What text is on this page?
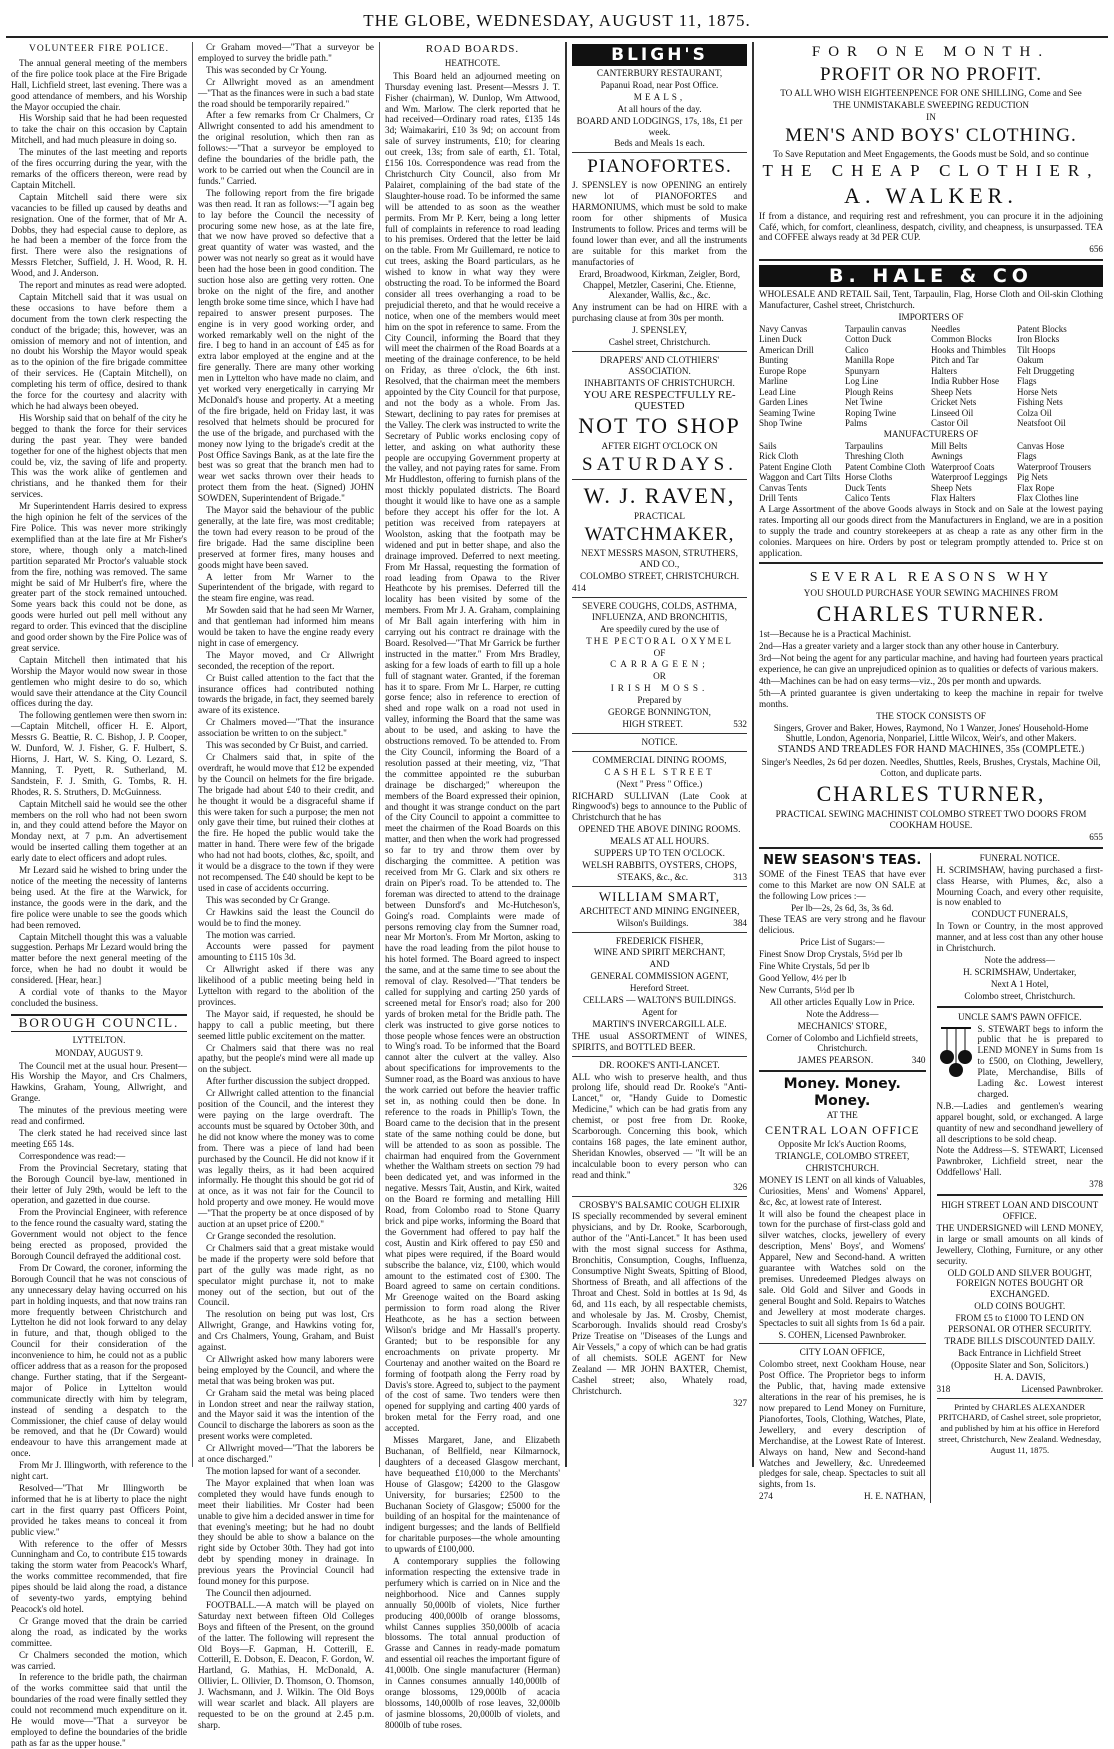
THE GLOBE, WEDNESDAY, AUGUST 11, 1875.
VOLUNTEER FIRE POLICE.

The annual general meeting of the members of the fire police took place at the Fire Brigade Hall, Lichfield street, last evening. There was a good attendance of members, and his Worship the Mayor occupied the chair.

His Worship said that he had been requested to take the chair on this occasion by Captain Mitchell, and had much pleasure in doing so.

The minutes of the last meeting and reports of the fires occurring during the year, with the remarks of the officers thereon, were read by Captain Mitchell.

Captain Mitchell said there were six vacancies to be filled up caused by deaths and resignation. One of the former, that of Mr A. Dobbs, they had especial cause to deplore, as he had been a member of the force from the first. There were also the resignations of Messrs Fletcher, Suffield, J. H. Wood, R. H. Wood, and J. Anderson.

The report and minutes as read were adopted.

Captain Mitchell said that it was usual on these occasions to have before them a document from the town clerk respecting the conduct of the brigade; this, however, was an omission of memory and not of intention, and no doubt his Worship the Mayor would speak as to the opinion of the fire brigade committee of their services. He (Captain Mitchell), on completing his term of office, desired to thank the force for the courtesy and alacrity with which he had always been obeyed.

His Worship said that on behalf of the city he begged to thank the force for their services during the past year. They were banded together for one of the highest objects that men could be, viz, the saving of life and property. This was the work alike of gentlemen and christians, and he thanked them for their services.

Mr Superintendent Harris desired to express the high opinion he felt of the services of the Fire Police. This was never more strikingly exemplified than at the late fire at Mr Fisher's store, where, though only a match-lined partition separated Mr Proctor's valuable stock from the fire, nothing was removed. The same might be said of Mr Hulbert's fire, where the greater part of the stock remained untouched. Some years back this could not be done, as goods were hurled out pell mell without any regard to order. This evinced that the discipline and good order shown by the Fire Police was of great service.

Captain Mitchell then intimated that his Worship the Mayor would now swear in those gentlemen who might desire to do so, which would save their attendance at the City Council offices during the day.

The following gentlemen were then sworn in:—Captain Mitchell, officer H. E. Alport, Messrs G. Beattie, R. C. Bishop, J. P. Cooper, W. Dunford, W. J. Fisher, G. F. Hulbert, S. Hiorns, J. Hart, W. S. King, O. Lezard, S. Manning, T. Pyett, R. Sutherland, M. Sandstein, F. J. Smith, G. Tombs, R. H. Rhodes, R. S. Struthers, D. McGuinness.

Captain Mitchell said he would see the other members on the roll who had not been sworn in, and they could attend before the Mayor on Monday next, at 7 p.m. An advertisement would be inserted calling them together at an early date to elect officers and adopt rules.

Mr Lezard said he wished to bring under the notice of the meeting the necessity of lanterns being used. At the fire at the Warwick, for instance, the goods were in the dark, and the fire police were unable to see the goods which had been removed.

Captain Mitchell thought this was a valuable suggestion. Perhaps Mr Lezard would bring the matter before the next general meeting of the force, when he had no doubt it would be considered. [Hear, hear.]

A cordial vote of thanks to the Mayor concluded the business.

BOROUGH COUNCIL.
LYTTELTON.
MONDAY, AUGUST 9.

The Council met at the usual hour. Present—His Worship the Mayor, and Crs Chalmers, Hawkins, Graham, Young, Allwright, and Grange.

The minutes of the previous meeting were read and confirmed.

The clerk stated he had received since last meeting £65 14s.

Correspondence was read:—

From the Provincial Secretary, stating that the Borough Council bye-law, mentioned in their letter of July 29th, would be left to the operation, and gazetted in due course.

From the Provincial Engineer, with reference to the fence round the casualty ward, stating the Government would not object to the fence being erected as proposed, provided the Borough Council defrayed the additional cost.

From Dr Coward, the coroner, informing the Borough Council that he was not conscious of any unnecessary delay having occurred on his part in holding inquests, and that now trains ran more frequently between Christchurch and Lyttelton he did not look forward to any delay in future, and that, though obliged to the Council for their consideration of the inconvenience to him, he could not as a public officer address that as a reason for the proposed change. Further stating, that if the Sergeant-major of Police in Lyttelton would communicate directly with him by telegram, instead of sending a despatch to the Commissioner, the chief cause of delay would be removed, and that he (Dr Coward) would endeavour to have this arrangement made at once.

From Mr J. Illingworth, with reference to the night cart.

Resolved—"That Mr Illingworth be informed that he is at liberty to place the night cart in the first quarry past Officers Point, provided he takes means to conceal it from public view."

With reference to the offer of Messrs Cunningham and Co, to contribute £15 towards taking the storm water from Peacock's Wharf, the works committee recommended, that fire pipes should be laid along the road, a distance of seventy-two yards, emptying behind Peacock's old hotel.

Cr Grange moved that the drain be carried along the road, as indicated by the works committee.

Cr Chalmers seconded the motion, which was carried.

In reference to the bridle path, the chairman of the works committee said that until the boundaries of the road were finally settled they could not recommend much expenditure on it. He would move—"That a surveyor be employed to define the boundaries of the bridle path as far as the upper house."

Cr Graham moved—"That a surveyor be employed to survey the bridle path."

This was seconded by Cr Young.

Cr Allwright moved as an amendment—"That as the finances were in such a bad state the road should be temporarily repaired."

After a few remarks from Cr Chalmers, Cr Allwright consented to add his amendment to the original resolution, which then ran as follows:—"That a surveyor be employed to define the boundaries of the bridle path, the work to be carried out when the Council are in funds." Carried.

The following report from the fire brigade was then read. It ran as follows:—"I again beg to lay before the Council the necessity of procuring some new hose, as at the late fire, that we now have proved so defective that a great quantity of water was wasted, and the power was not nearly so great as it would have been had the hose been in good condition. The suction hose also are getting very rotten. One broke on the night of the fire, and another length broke some time since, which I have had repaired to answer present purposes. The engine is in very good working order, and worked remarkably well on the night of the fire. I beg to hand in an account of £45 as for extra labor employed at the engine and at the fire generally. There are many other working men in Lyttelton who have made no claim, and yet worked very energetically in carrying Mr McDonald's house and property. At a meeting of the fire brigade, held on Friday last, it was resolved that helmets should be procured for the use of the brigade, and purchased with the money now lying to the brigade's credit at the Post Office Savings Bank, as at the late fire the best was so great that the branch men had to wear wet sacks thrown over their heads to protect them from the heat. (Signed) JOHN SOWDEN, Superintendent of Brigade."

The Mayor said the behaviour of the public generally, at the late fire, was most creditable; the town had every reason to be proud of the fire brigade. Had the same discipline been preserved at former fires, many houses and goods might have been saved.

A letter from Mr Warner to the Superintendent of the brigade, with regard to the steam fire engine, was read.

Mr Sowden said that he had seen Mr Warner, and that gentleman had informed him means would be taken to have the engine ready every night in case of emergency.

The Mayor moved, and Cr Allwright seconded, the reception of the report.

Cr Buist called attention to the fact that the insurance offices had contributed nothing towards the brigade, in fact, they seemed barely aware of its existence.

Cr Chalmers moved—"That the insurance association be written to on the subject."

This was seconded by Cr Buist, and carried.

Cr Chalmers said that, in spite of the overdraft, he would move that £12 be expended by the Council on helmets for the fire brigade. The brigade had about £40 to their credit, and he thought it would be a disgraceful shame if this were taken for such a purpose; the men not only gave their time, but ruined their clothes at the fire. He hoped the public would take the matter in hand. There were few of the brigade who had not had boots, clothes, &c, spoilt, and it would be a disgrace to the town if they were not recompensed. The £40 should be kept to be used in case of accidents occurring.

This was seconded by Cr Grange.

Cr Hawkins said the least the Council do would be to find the money.

The motion was carried.

Accounts were passed for payment amounting to £115 10s 3d.

Cr Allwright asked if there was any likelihood of a public meeting being held in Lyttelton with regard to the abolition of the provinces.

The Mayor said, if requested, he should be happy to call a public meeting, but there seemed little public excitement on the matter.

Cr Chalmers said that there was no real apathy, but the people's mind were all made up on the subject.

After further discussion the subject dropped.

Cr Allwright called attention to the financial position of the Council, and the interest they were paying on the large overdraft. The accounts must be squared by October 30th, and he did not know where the money was to come from. There was a piece of land had been purchased by the Council. He did not know if it was legally theirs, as it had been acquired informally. He thought this should be got rid of at once, as it was not fair for the Council to hold property and owe money. He would move—"That the property be at once disposed of by auction at an upset price of £200."

Cr Grange seconded the resolution.

Cr Chalmers said that a great mistake would be made if the property were sold before that part of the gully was made right, as no speculator might purchase it, not to make money out of the section, but out of the Council.

The resolution on being put was lost, Crs Allwright, Grange, and Hawkins voting for, and Crs Chalmers, Young, Graham, and Buist against.

Cr Allwright asked how many laborers were being employed by the Council, and where the metal that was being broken was put.

Cr Graham said the metal was being placed in London street and near the railway station, and the Mayor said it was the intention of the Council to discharge the laborers as soon as the present works were completed.

Cr Allwright moved—"That the laborers be at once discharged."

The motion lapsed for want of a seconder.

The Mayor explained that when loan was completed they would have funds enough to meet their liabilities. Mr Coster had been unable to give him a decided answer in time for that evening's meeting; but he had no doubt they should be able to show a balance on the right side by October 30th. They had got into debt by spending money in drainage. In previous years the Provincial Council had found money for this purpose.

The Council then adjourned.

FOOTBALL.—A match will be played on Saturday next between fifteen Old Colleges Boys and fifteen of the Present, on the ground of the latter. The following will represent the Old Boys—F. Gapman, H. Cotterill, E. Cotterill, E. Dobson, E. Deacon, F. Gordon, W. Hartland, G. Mathias, H. McDonald, A. Ollivier, L. Ollivier, D. Thomson, O. Thomson, J. Wachsmann, and J. Wilkin. The Old Boys will wear scarlet and black. All players are requested to be on the ground at 2.45 p.m. sharp.

ROAD BOARDS.
HEATHCOTE.

This Board held an adjourned meeting on Thursday evening last. Present—Messrs J. T. Fisher (chairman), W. Dunlop, Wm Attwood, and Wm. Marlow. The clerk reported that he had received—Ordinary road rates, £135 14s 3d; Waimakariri, £10 3s 9d; on account from sale of survey instruments, £10; for clearing out creek, 13s; from sale of earth, £1. Total, £156 10s. Correspondence was read from the Christchurch City Council, also from Mr Palairet, complaining of the bad state of the Slaughter-house road. To be informed the same will be attended to as soon as the weather permits. From Mr P. Kerr, being a long letter full of complaints in reference to road leading to his premises. Ordered that the letter be laid on the table. From Mr Guillemard, re notice to cut trees, asking the Board particulars, as he wished to know in what way they were obstructing the road. To be informed the Board consider all trees overhanging a road to be prejudicial thereto, and that he would receive a notice, when one of the members would meet him on the spot in reference to same. From the City Council, informing the Board that they will meet the chairmen of the Road Boards at a meeting of the drainage conference, to be held on Friday, as three o'clock, the 6th inst. Resolved, that the chairman meet the members appointed by the City Council for that purpose, and not the body as a whole. From Jas. Stewart, declining to pay rates for premises at the Valley. The clerk was instructed to write the Secretary of Public works enclosing copy of letter, and asking on what authority these people are occupying Government property at the valley, and not paying rates for same. From Mr Huddleston, offering to furnish plans of the most thickly populated districts. The Board thought it would like to have one as a sample before they accept his offer for the lot. A petition was received from ratepayers at Woolston, asking that the footpath may be widened and put in better shape, and also the drainage improved. Deferred to next meeting. From Mr Hassal, requesting the formation of road leading from Opawa to the River Heathcote by his premises. Deferred till the locality has been visited by some of the members. From Mr J. A. Graham, complaining of Mr Ball again interfering with him in carrying out his contract re drainage with the Board. Resolved—"That Mr Garrick be further instructed in the matter." From Mrs Bradley, asking for a few loads of earth to fill up a hole full of stagnant water. Granted, if the foreman has it to spare. From Mr L. Harper, re cutting gorse fence; also in reference to erection of shed and rope walk on a road not used in valley, informing the Board that the same was about to be used, and asking to have the obstructions removed. To be attended to. From the City Council, informing the Board of a resolution passed at their meeting, viz, "That the committee appointed re the suburban drainage be discharged;" whereupon the members of the Board expressed their opinion, and thought it was strange conduct on the part of the City Council to appoint a committee to meet the chairmen of the Road Boards on this matter, and then when the work had progressed so far to try and throw them over by discharging the committee. A petition was received from Mr G. Clark and six others re drain on Piper's road. To be attended to. The foreman was directed to attend to the drainage between Dunsford's and Mc-Hutcheson's, Going's road. Complaints were made of persons removing clay from the Sumner road, near Mr Morton's. From Mr Morton, asking to have the road leading from the pilot house to his hotel formed. The Board agreed to inspect the same, and at the same time to see about the removal of clay. Resolved—"That tenders be called for supplying and carting 250 yards of screened metal for Ensor's road; also for 200 yards of broken metal for the Bridle path. The clerk was instructed to give gorse notices to those people whose fences were an obstruction to Wing's road. To be informed that the Board cannot alter the culvert at the valley. Also about specifications for improvements to the Sumner road, as the Board was anxious to have the work carried out before the heavier traffic set in, as nothing could then be done. In reference to the roads in Phillip's Town, the Board came to the decision that in the present state of the same nothing could be done, but will be attended to as soon as possible. The chairman had enquired from the Government whether the Waltham streets on section 79 had been dedicated yet, and was informed in the negative. Messrs Tait, Austin, and Kirk, waited on the Board re forming and metalling Hill Road, from Colombo road to Stone Quarry brick and pipe works, informing the Board that the Government had offered to pay half the cost, Austin and Kirk offered to pay £50 and what pipes were required, if the Board would subscribe the balance, viz, £100, which would amount to the estimated cost of £300. The Board agreed to same on certain conditions. Mr Greenoge waited on the Board asking permission to form road along the River Heathcote, as he has a section between Wilson's bridge and Mr Hassall's property. Granted; but to be responsible for any encroachments on private property. Mr Courtenay and another waited on the Board re forming of footpath along the Ferry road by Davis's store. Agreed to, subject to the payment of the cost of same. Two tenders were then opened for supplying and carting 400 yards of broken metal for the Ferry road, and one accepted.

Misses Margaret, Jane, and Elizabeth Buchanan, of Bellfield, near Kilmarnock, daughters of a deceased Glasgow merchant, have bequeathed £10,000 to the Merchants' House of Glasgow; £4200 to the Glasgow University, for bursaries; £2500 to the Buchanan Society of Glasgow; £5000 for the building of an hospital for the maintenance of indigent burgesses; and the lands of Bellfield for charitable purposes—the whole amounting to upwards of £100,000.

A contemporary supplies the following information respecting the extensive trade in perfumery which is carried on in Nice and the neighborhood. Nice and Cannes supply annually 50,000lb of violets, Nice further producing 400,000lb of orange blossoms, whilst Cannes supplies 350,000lb of acacia blossoms. The total annual production of Grasse and Cannes in ready-made pomatum and essential oil reaches the important figure of 41,000lb. One single manufacturer (Herman) in Cannes consumes annually 140,000lb of orange blossoms, 129,000lb of acacia blossoms, 140,000lb of rose leaves, 32,000lb of jasmine blossoms, 20,000lb of violets, and 8000lb of tube roses.

BLIGH'S

CANTERBURY RESTAURANT,

Papanui Road, near Post Office.

MEALS,

At all hours of the day.

BOARD AND LODGINGS, 17s, 18s, £1 per week.

Beds and Meals 1s each.

PIANOFORTES.

J. SPENSLEY is now OPENING an entirely new lot of PIANOFORTES and HARMONIUMS, which must be sold to make room for other shipments of Musica Instruments to follow. Prices and terms will be found lower than ever, and all the instruments are suitable for this market from the manufactories of

Erard, Broadwood, Kirkman, Zeigler, Bord, Chappel, Metzler, Caserini, Che. Etienne, Alexander, Wallis, &c., &c.

Any instrument can be had on HIRE with a purchasing clause at from 30s per month.

J. SPENSLEY,

Cashel street, Christchurch.

DRAPERS' AND CLOTHIERS' ASSOCIATION.

INHABITANTS OF CHRISTCHURCH.

YOU ARE RESPECTFULLY RE-QUESTED

NOT TO SHOP

AFTER EIGHT O'CLOCK ON

SATURDAYS.
W. J. RAVEN,

PRACTICAL

WATCHMAKER,

NEXT MESSRS MASON, STRUTHERS, AND CO.,

COLOMBO STREET, CHRISTCHURCH.

414

SEVERE COUGHS, COLDS, ASTHMA, INFLUENZA, AND BRONCHITIS,

Are speedily cured by the use of

THE PECTORAL OXYMEL

OF

CARRAGEEN;

OR

IRISH MOSS.

Prepared by

GEORGE BONNINGTON,

HIGH STREET.	532

NOTICE.

COMMERCIAL DINING ROOMS,

CASHEL STREET

(Next " Press " Office.)

RICHARD SULLIVAN (Late Cook at Ringwood's) begs to announce to the Public of Christchurch that he has

OPENED THE ABOVE DINING ROOMS.

MEALS AT ALL HOURS.

SUPPERS UP TO TEN O'CLOCK.

WELSH RABBITS, OYSTERS, CHOPS,

STEAKS, &c., &c.	313

WILLIAM SMART,

ARCHITECT AND MINING ENGINEER,

Wilson's Buildings.	384

FREDERICK FISHER,

WINE AND SPIRIT MERCHANT,

AND

GENERAL COMMISSION AGENT,

Hereford Street.

CELLARS — WALTON'S BUILDINGS.

Agent for

MARTIN'S INVERCARGILL ALE.

THE usual ASSORTMENT of WINES, SPIRITS, and BOTTLED BEER.

DR. ROOKE'S ANTI-LANCET.

ALL who wish to preserve health, and thus prolong life, should read Dr. Rooke's "Anti-Lancet," or, "Handy Guide to Domestic Medicine," which can be had gratis from any chemist, or post free from Dr. Rooke, Scarborough. Concerning this book, which contains 168 pages, the late eminent author, Sheridan Knowles, observed — "It will be an incalculable boon to every person who can read and think."

326

CROSBY'S BALSAMIC COUGH ELIXIR

IS specially recommended by several eminent physicians, and by Dr. Rooke, Scarborough, author of the "Anti-Lancet." It has been used with the most signal success for Asthma, Bronchitis, Consumption, Coughs, Influenza, Consumptive Night Sweats, Spitting of Blood, Shortness of Breath, and all affections of the Throat and Chest. Sold in bottles at 1s 9d, 4s 6d, and 11s each, by all respectable chemists, and wholesale by Jas. M. Crosby, Chemist, Scarborough. Invalids should read Crosby's Prize Treatise on "Diseases of the Lungs and Air Vessels," a copy of which can be had gratis of all chemists. SOLE AGENT for New Zealand — MR JOHN BAXTER, Chemist, Cashel street; also, Whately road, Christchurch.

327

FOR ONE MONTH.
PROFIT OR NO PROFIT.

TO ALL WHO WISH EIGHTEENPENCE FOR ONE SHILLING, Come and See

THE UNMISTAKABLE SWEEPING REDUCTION

IN

MEN'S AND BOYS' CLOTHING.

To Save Reputation and Meet Engagements, the Goods must be Sold, and so continue

THE CHEAP CLOTHIER,
A. WALKER.

If from a distance, and requiring rest and refreshment, you can procure it in the adjoining Café, which, for comfort, cleanliness, despatch, civility, and cheapness, is unsurpassed. TEA and COFFEE always ready at 3d PER CUP.

656

B. HALE & CO

WHOLESALE AND RETAIL Sail, Tent, Tarpaulin, Flag, Horse Cloth and Oil-skin Clothing Manufacturer, Cashel street, Christchurch.

IMPORTERS OF

Navy Canvas
Linen Duck
American Drill
Bunting
Europe Rope
Marline
Lead Line
Garden Lines
Seaming Twine
Shop Twine
Tarpaulin canvas
Cotton Duck
Calico
Manilla Rope
Spunyarn
Log Line
Plough Reins
Net Twine
Roping Twine
Palms
Needles
Common Blocks
Hooks and Thimbles
Pitch and Tar
Halters
India Rubber Hose
Sheep Nets
Cricket Nets
Linseed Oil
Castor Oil
Patent Blocks
Iron Blocks
Tilt Hoops
Oakum
Felt Druggeting
Flags
Horse Nets
Fishing Nets
Colza Oil
Neatsfoot Oil

MANUFACTURERS OF

Sails
Rick Cloth
Patent Engine Cloth
Waggon and Cart Tilts
Canvas Tents
Drill Tents
Tarpaulins
Threshing Cloth
Patent Combine Cloth
Horse Cloths
Duck Tents
Calico Tents
Mill Belts
Awnings
Waterproof Coats
Waterproof Leggings
Sheep Nets
Flax Halters
Canvas Hose
Flags
Waterproof Trousers
Pig Nets
Flax Rope
Flax Clothes line

A Large Assortment of the above Goods always in Stock and on Sale at the lowest paying rates. Importing all our goods direct from the Manufacturers in England, we are in a position to supply the trade and country storekeepers at as cheap a rate as any other firm in the colonies. Marquees on hire. Orders by post or telegram promptly attended to. Price st on application.

SEVERAL REASONS WHY

YOU SHOULD PURCHASE YOUR SEWING MACHINES FROM

CHARLES TURNER.

1st—Because he is a Practical Machinist.

2nd—Has a greater variety and a larger stock than any other house in Canterbury.

3rd—Not being the agent for any particular machine, and having had fourteen years practical experience, he can give an unprejudiced opinion as to qualities or defects of various makers.

4th—Machines can be had on easy terms—viz., 20s per month and upwards.

5th—A printed guarantee is given undertaking to keep the machine in repair for twelve months.

THE STOCK CONSISTS OF

Singers, Grover and Baker, Howes, Raymond, No 1 Wanzer, Jones' Household-Home Shuttle, London, Agenoria, Nonpariel, Little Wilcox, Weir's, and other Makers.

STANDS AND TREADLES FOR HAND MACHINES, 35s (COMPLETE.)

Singer's Needles, 2s 6d per dozen. Needles, Shuttles, Reels, Brushes, Crystals, Machine Oil, Cotton, and duplicate parts.

CHARLES TURNER,

PRACTICAL SEWING MACHINIST COLOMBO STREET TWO DOORS FROM COOKHAM HOUSE.

655

NEW SEASON'S TEAS.

SOME of the Finest TEAS that have ever come to this Market are now ON SALE at the following Low prices :—

Per lb—2s, 2s 6d, 3s, 3s 6d.

These TEAS are very strong and he flavour delicious.

Price List of Sugars:—

Finest Snow Drop Crystals, 5½d per lb

Fine White Crystals, 5d per lb

Good Yellow, 4½ per lb

New Currants, 5½d per lb

All other articles Equally Low in Price.

Note the Address—

MECHANICS' STORE,

Corner of Colombo and Lichfield streets, Christchurch.

JAMES PEARSON.	340

Money. Money. Money.

AT THE

CENTRAL LOAN OFFICE

Opposite Mr Ick's Auction Rooms,

TRIANGLE, COLOMBO STREET,

CHRISTCHURCH.

MONEY IS LENT on all kinds of Valuables, Curiosities, Mens' and Womens' Apparel, &c, &c, at lowest rate of Interest.

It will also be found the cheapest place in town for the purchase of first-class gold and silver watches, clocks, jewellery of every description, Mens' Boys', and Womens' Apparel, New and Second-hand. A written guarantee with Watches sold on the premises. Unredeemed Pledges always on sale. Old Gold and Silver and Goods in general Bought and Sold. Repairs to Watches and Jewellery at most moderate charges. Spectacles to suit all sights from 1s 6d a pair.

S. COHEN, Licensed Pawnbroker.

CITY LOAN OFFICE,

Colombo street, next Cookham House, near Post Office. The Proprietor begs to inform the Public, that, having made extensive alterations in the rear of his premises, he is now prepared to Lend Money on Furniture, Pianofortes, Tools, Clothing, Watches, Plate, Jewellery, and every description of Merchandise, at the Lowest Rate of Interest. Always on hand, New and Second-hand Watches and Jewellery, &c. Unredeemed pledges for sale, cheap. Spectacles to suit all sights, from 1s.

274	H. E. NATHAN,

FUNERAL NOTICE.

H. SCRIMSHAW, having purchased a first-class Hearse, with Plumes, &c, also a Mourning Coach, and every other requisite, is now enabled to

CONDUCT FUNERALS,

In Town or Country, in the most approved manner, and at less cost than any other house in Christchurch.

Note the address—

H. SCRIMSHAW, Undertaker,

Next A 1 Hotel,

Colombo street, Christchurch.

UNCLE SAM'S PAWN OFFICE.

S. STEWART begs to inform the public that he is prepared to LEND MONEY in Sums from 1s to £500, on Clothing, Jewellery, Plate, Merchandise, Bills of Lading &c. Lowest interest charged.

N.B.—Ladies and gentlemen's wearing apparel bought, sold, or exchanged. A large quantity of new and secondhand jewellery of all descriptions to be sold cheap.

Note the Address—S. STEWART, Licensed Pawnbroker, Lichfield street, near the Oddfellows' Hall.

378

HIGH STREET LOAN AND DISCOUNT OFFICE.

THE UNDERSIGNED will LEND MONEY, in large or small amounts on all kinds of Jewellery, Clothing, Furniture, or any other security.

OLD GOLD AND SILVER BOUGHT, FOREIGN NOTES BOUGHT OR EXCHANGED.

OLD COINS BOUGHT.

FROM £5 to £1000 TO LEND ON PERSONAL OR OTHER SECURITY.

TRADE BILLS DISCOUNTED DAILY.

Back Entrance in Lichfield Street

(Opposite Slater and Son, Solicitors.)

H. A. DAVIS,

318	Licensed Pawnbroker.

Printed by CHARLES ALEXANDER PRITCHARD, of Cashel street, sole proprietor, and published by him at his office in Hereford street, Christchurch, New Zealand. Wednesday, August 11, 1875.
